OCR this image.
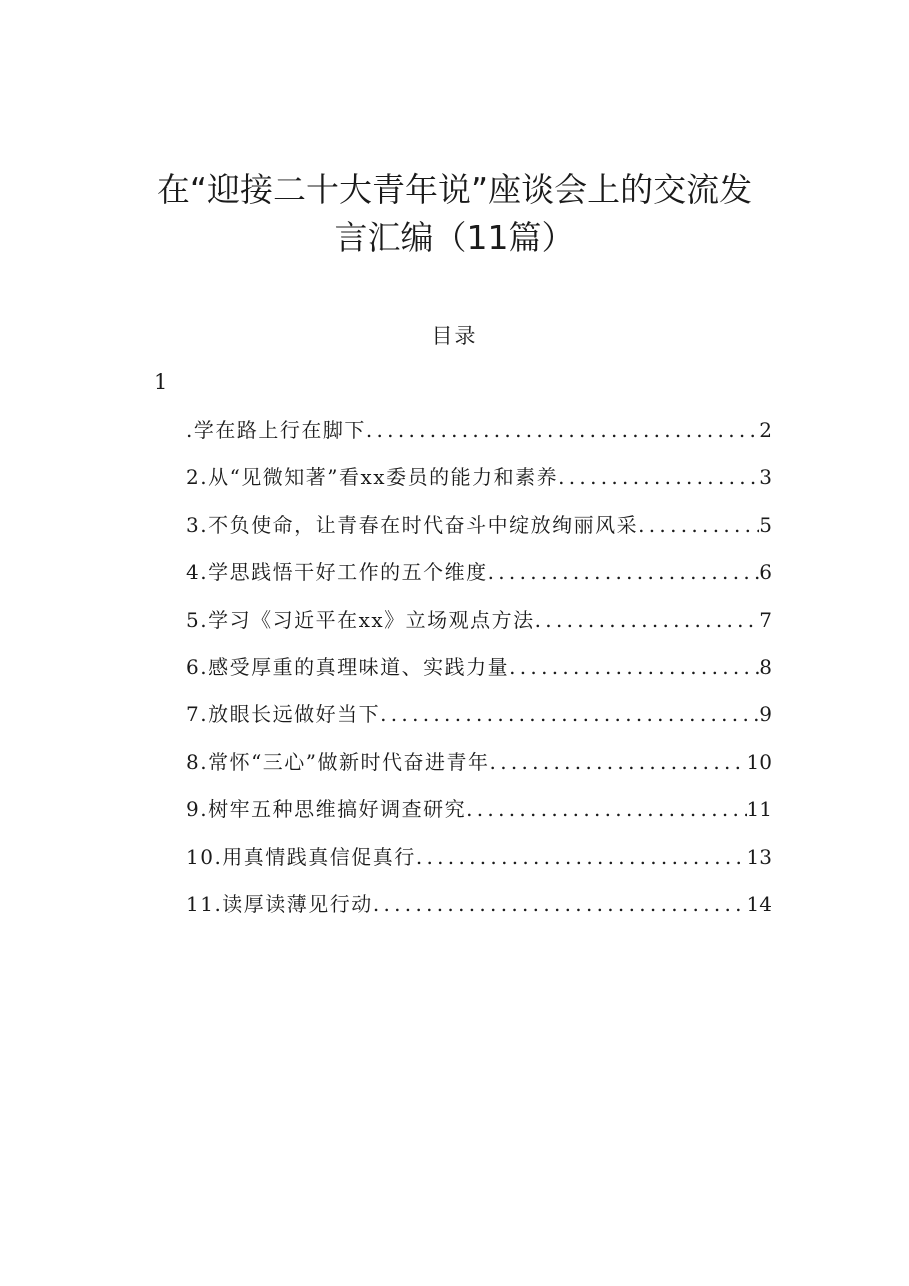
在“迎接二十大青年说”座谈会上的交流发
言汇编（11篇）
目录
1
.学在路上行在脚下 .....	2
2.从“见微知著”看xx委员的能力和素养 .....	3
3.不负使命，让青春在时代奋斗中绽放绚丽风采 .....	5
4.学思践悟干好工作的五个维度 .....	6
5.学习《习近平在xx》立场观点方法 .....	7
6.感受厚重的真理味道、实践力量 .....	8
7.放眼长远做好当下 .....	9
8.常怀“三心”做新时代奋进青年 .....	10
9.树牢五种思维搞好调查研究 .....	11
10.用真情践真信促真行 .....	13
11.读厚读薄见行动 .....	14
